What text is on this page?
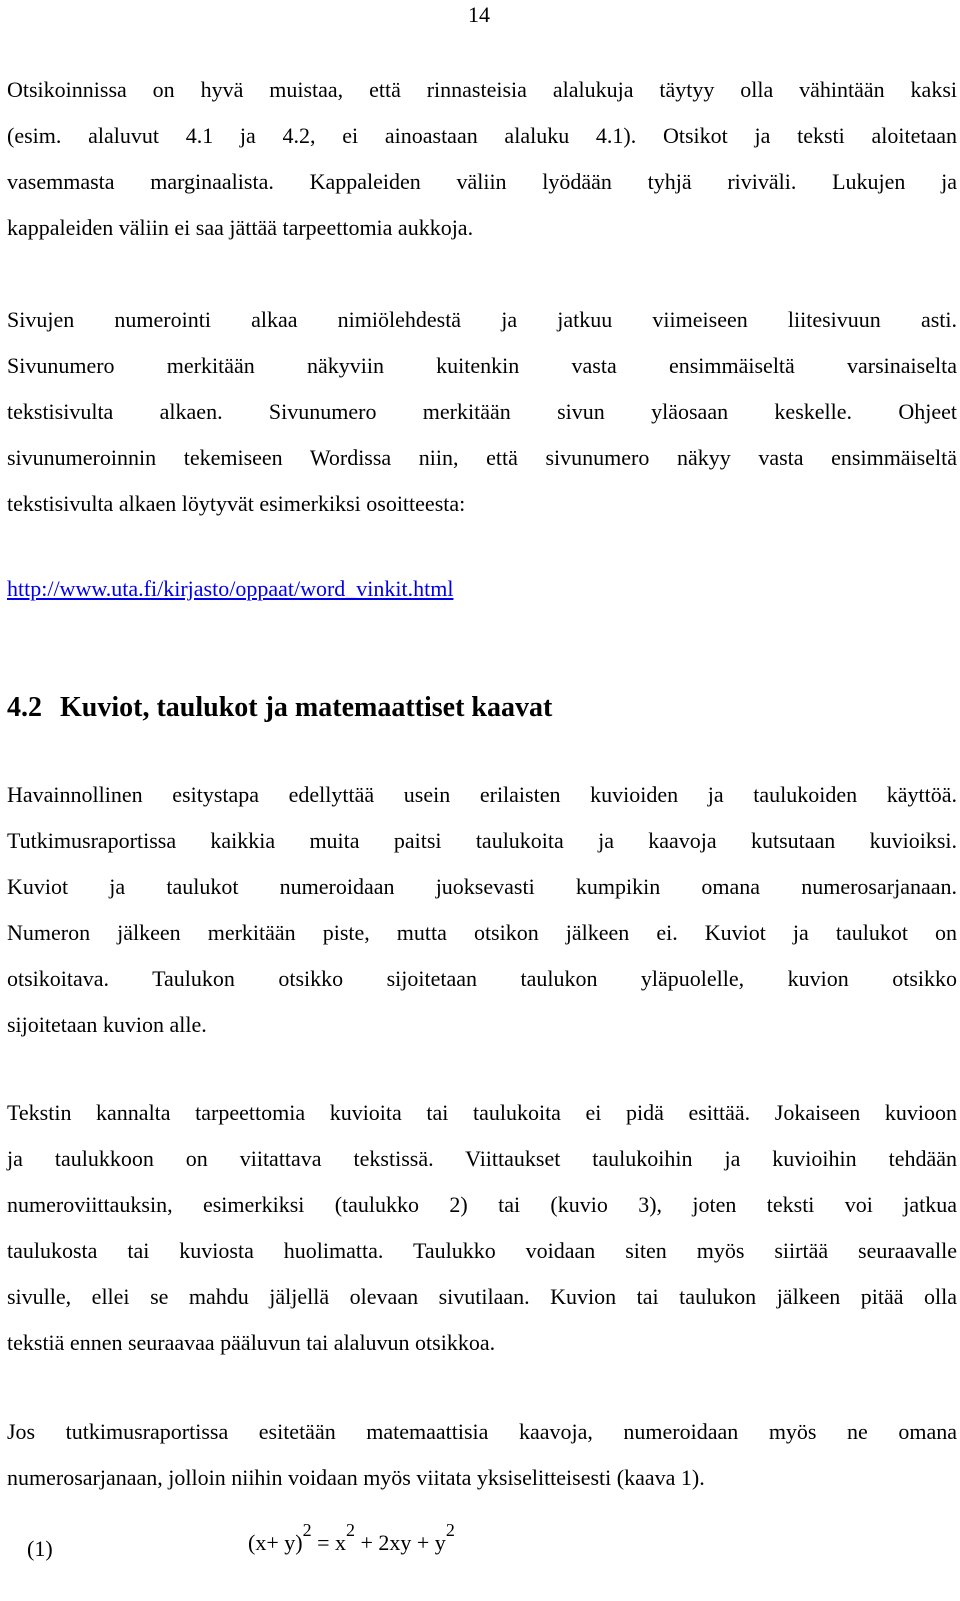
14

Otsikoinnissa on hyvä muistaa, että rinnasteisia alalukuja täytyy olla vähintään kaksi
(esim. alaluvut 4.1 ja 4.2, ei ainoastaan alaluku 4.1). Otsikot ja teksti aloitetaan
vasemmasta marginaalista. Kappaleiden väliin lyödään tyhjä riviväli. Lukujen ja
kappaleiden väliin ei saa jättää tarpeettomia aukkoja.

Sivujen numerointi alkaa nimiölehdestä ja jatkuu viimeiseen liitesivuun asti.
Sivunumero merkitään näkyviin kuitenkin vasta ensimmäiseltä varsinaiselta
tekstisivulta alkaen. Sivunumero merkitään sivun yläosaan keskelle. Ohjeet
sivunumeroinnin tekemiseen Wordissa niin, että sivunumero näkyy vasta ensimmäiseltä
tekstisivulta alkaen löytyvät esimerkiksi osoitteesta:

http://www.uta.fi/kirjasto/oppaat/word_vinkit.html
4.2 Kuviot, taulukot ja matemaattiset kaavat

Havainnollinen esitystapa edellyttää usein erilaisten kuvioiden ja taulukoiden käyttöä.
Tutkimusraportissa kaikkia muita paitsi taulukoita ja kaavoja kutsutaan kuvioiksi.
Kuviot ja taulukot numeroidaan juoksevasti kumpikin omana numerosarjanaan.
Numeron jälkeen merkitään piste, mutta otsikon jälkeen ei. Kuviot ja taulukot on
otsikoitava. Taulukon otsikko sijoitetaan taulukon yläpuolelle, kuvion otsikko
sijoitetaan kuvion alle.

Tekstin kannalta tarpeettomia kuvioita tai taulukoita ei pidä esittää. Jokaiseen kuvioon
ja taulukkoon on viitattava tekstissä. Viittaukset taulukoihin ja kuvioihin tehdään
numeroviittauksin, esimerkiksi (taulukko 2) tai (kuvio 3), joten teksti voi jatkua
taulukosta tai kuviosta huolimatta. Taulukko voidaan siten myös siirtää seuraavalle
sivulle, ellei se mahdu jäljellä olevaan sivutilaan. Kuvion tai taulukon jälkeen pitää olla
tekstiä ennen seuraavaa pääluvun tai alaluvun otsikkoa.

Jos tutkimusraportissa esitetään matemaattisia kaavoja, numeroidaan myös ne omana
numerosarjanaan, jolloin niihin voidaan myös viitata yksiselitteisesti (kaava 1).

(1)	$(x+ y)^2 = x^2 + 2xy + y^2$
